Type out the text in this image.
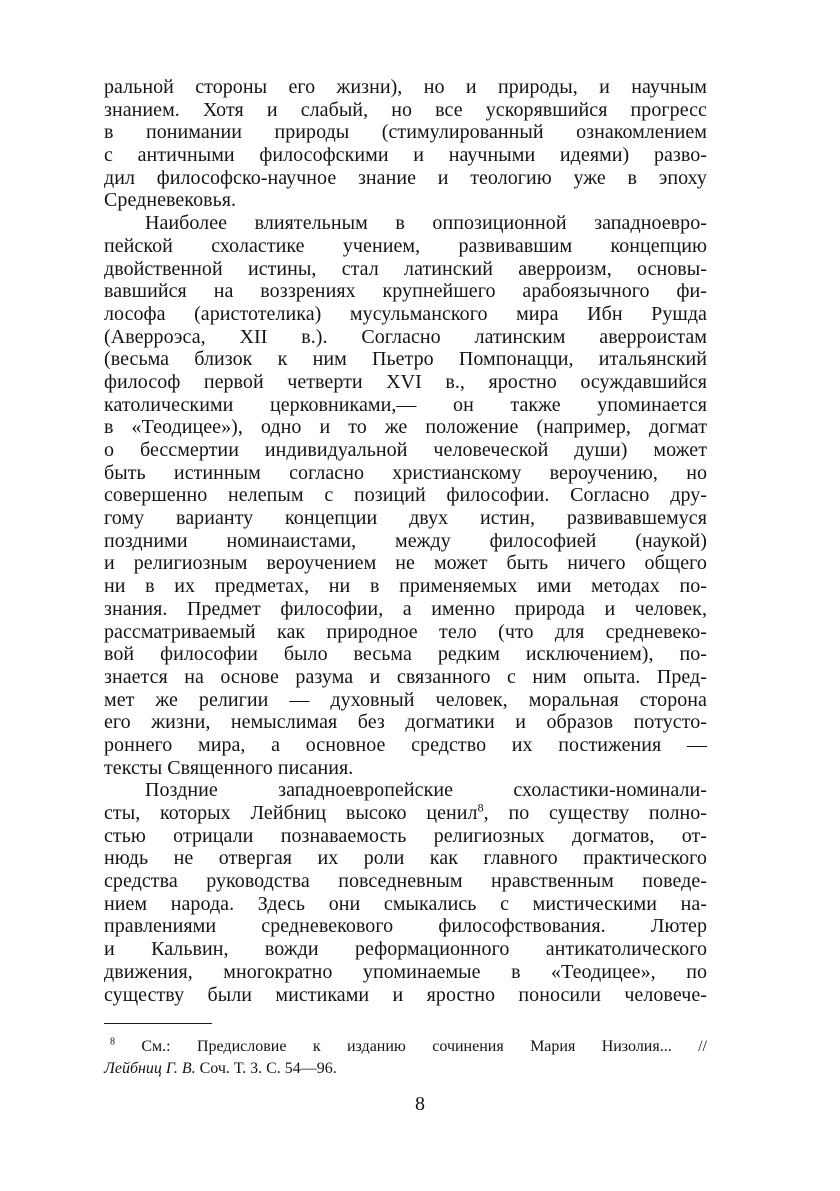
ральной стороны его жизни), но и природы, и научным
знанием. Хотя и слабый, но все ускорявшийся прогресс
в понимании природы (стимулированный ознакомлением
с античными философскими и научными идеями) разво-
дил философско-научное знание и теологию уже в эпоху
Средневековья.
Наиболее влиятельным в оппозиционной западноевро-
пейской схоластике учением, развивавшим концепцию
двойственной истины, стал латинский аверроизм, основы-
вавшийся на воззрениях крупнейшего арабоязычного фи-
лософа (аристотелика) мусульманского мира Ибн Рушда
(Аверроэса, XII в.). Согласно латинским аверроистам
(весьма близок к ним Пьетро Помпонацци, итальянский
философ первой четверти XVI в., яростно осуждавшийся
католическими церковниками,— он также упоминается
в «Теодицее»), одно и то же положение (например, догмат
о бессмертии индивидуальной человеческой души) может
быть истинным согласно христианскому вероучению, но
совершенно нелепым с позиций философии. Согласно дру-
гому варианту концепции двух истин, развивавшемуся
поздними номинаистами, между философией (наукой)
и религиозным вероучением не может быть ничего общего
ни в их предметах, ни в применяемых ими методах по-
знания. Предмет философии, а именно природа и человек,
рассматриваемый как природное тело (что для средневеко-
вой философии было весьма редким исключением), по-
знается на основе разума и связанного с ним опыта. Пред-
мет же религии — духовный человек, моральная сторона
его жизни, немыслимая без догматики и образов потусто-
роннего мира, а основное средство их постижения —
тексты Священного писания.
Поздние западноевропейские схоластики-номинали-
сты, которых Лейбниц высоко ценил$^8$, по существу полно-
стью отрицали познаваемость религиозных догматов, от-
нюдь не отвергая их роли как главного практического
средства руководства повседневным нравственным поведе-
нием народа. Здесь они смыкались с мистическими на-
правлениями средневекового философствования. Лютер
и Кальвин, вожди реформационного антикатолического
движения, многократно упоминаемые в «Теодицее», по
существу были мистиками и яростно поносили человече-
$^8$ См.: Предисловие к изданию сочинения Мария Низолия... //
Лейбниц Г. В. Соч. Т. 3. С. 54—96.
8
